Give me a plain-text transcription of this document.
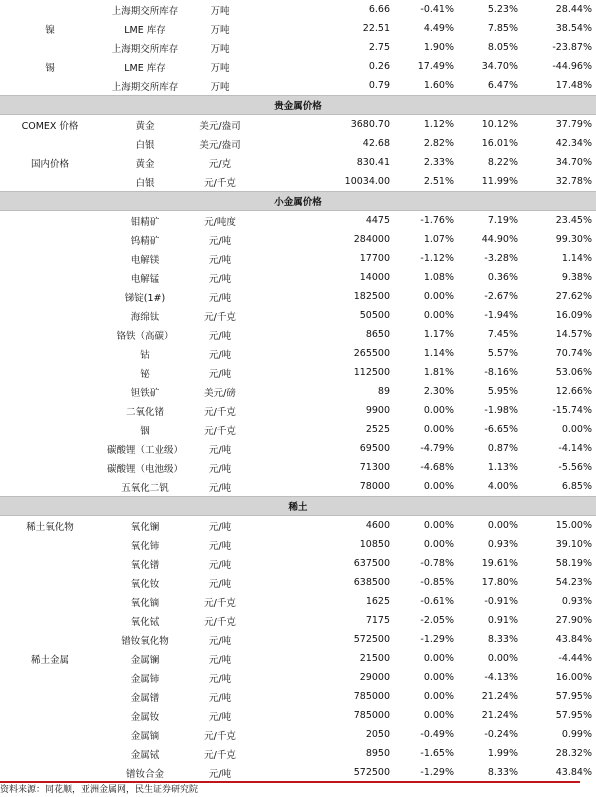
	上海期交所库存	万吨	6.66	-0.41%	5.23%	28.44%
镍	LME 库存	万吨	22.51	4.49%	7.85%	38.54%
	上海期交所库存	万吨	2.75	1.90%	8.05%	-23.87%
锡	LME 库存	万吨	0.26	17.49%	34.70%	-44.96%
	上海期交所库存	万吨	0.79	1.60%	6.47%	17.48%
贵金属价格						
COMEX 价格	黄金	美元/盎司	3680.70	1.12%	10.12%	37.79%
	白银	美元/盎司	42.68	2.82%	16.01%	42.34%
国内价格	黄金	元/克	830.41	2.33%	8.22%	34.70%
	白银	元/千克	10034.00	2.51%	11.99%	32.78%
小金属价格						
	钼精矿	元/吨度	4475	-1.76%	7.19%	23.45%
	钨精矿	元/吨	284000	1.07%	44.90%	99.30%
	电解镁	元/吨	17700	-1.12%	-3.28%	1.14%
	电解锰	元/吨	14000	1.08%	0.36%	9.38%
	锑锭(1#)	元/吨	182500	0.00%	-2.67%	27.62%
	海绵钛	元/千克	50500	0.00%	-1.94%	16.09%
	铬铁（高碳）	元/吨	8650	1.17%	7.45%	14.57%
	钴	元/吨	265500	1.14%	5.57%	70.74%
	铋	元/吨	112500	1.81%	-8.16%	53.06%
	钽铁矿	美元/磅	89	2.30%	5.95%	12.66%
	二氧化锗	元/千克	9900	0.00%	-1.98%	-15.74%
	铟	元/千克	2525	0.00%	-6.65%	0.00%
	碳酸锂（工业级）	元/吨	69500	-4.79%	0.87%	-4.14%
	碳酸锂（电池级）	元/吨	71300	-4.68%	1.13%	-5.56%
	五氧化二钒	元/吨	78000	0.00%	4.00%	6.85%
稀土						
稀土氧化物	氧化镧	元/吨	4600	0.00%	0.00%	15.00%
	氧化铈	元/吨	10850	0.00%	0.93%	39.10%
	氧化镨	元/吨	637500	-0.78%	19.61%	58.19%
	氧化钕	元/吨	638500	-0.85%	17.80%	54.23%
	氧化镝	元/千克	1625	-0.61%	-0.91%	0.93%
	氧化铽	元/千克	7175	-2.05%	0.91%	27.90%
	镨钕氧化物	元/吨	572500	-1.29%	8.33%	43.84%
稀土金属	金属镧	元/吨	21500	0.00%	0.00%	-4.44%
	金属铈	元/吨	29000	0.00%	-4.13%	16.00%
	金属镨	元/吨	785000	0.00%	21.24%	57.95%
	金属钕	元/吨	785000	0.00%	21.24%	57.95%
	金属镝	元/千克	2050	-0.49%	-0.24%	0.99%
	金属铽	元/千克	8950	-1.65%	1.99%	28.32%
	镨钕合金	元/吨	572500	-1.29%	8.33%	43.84%
资料来源：同花顺，亚洲金属网，民生证券研究院
